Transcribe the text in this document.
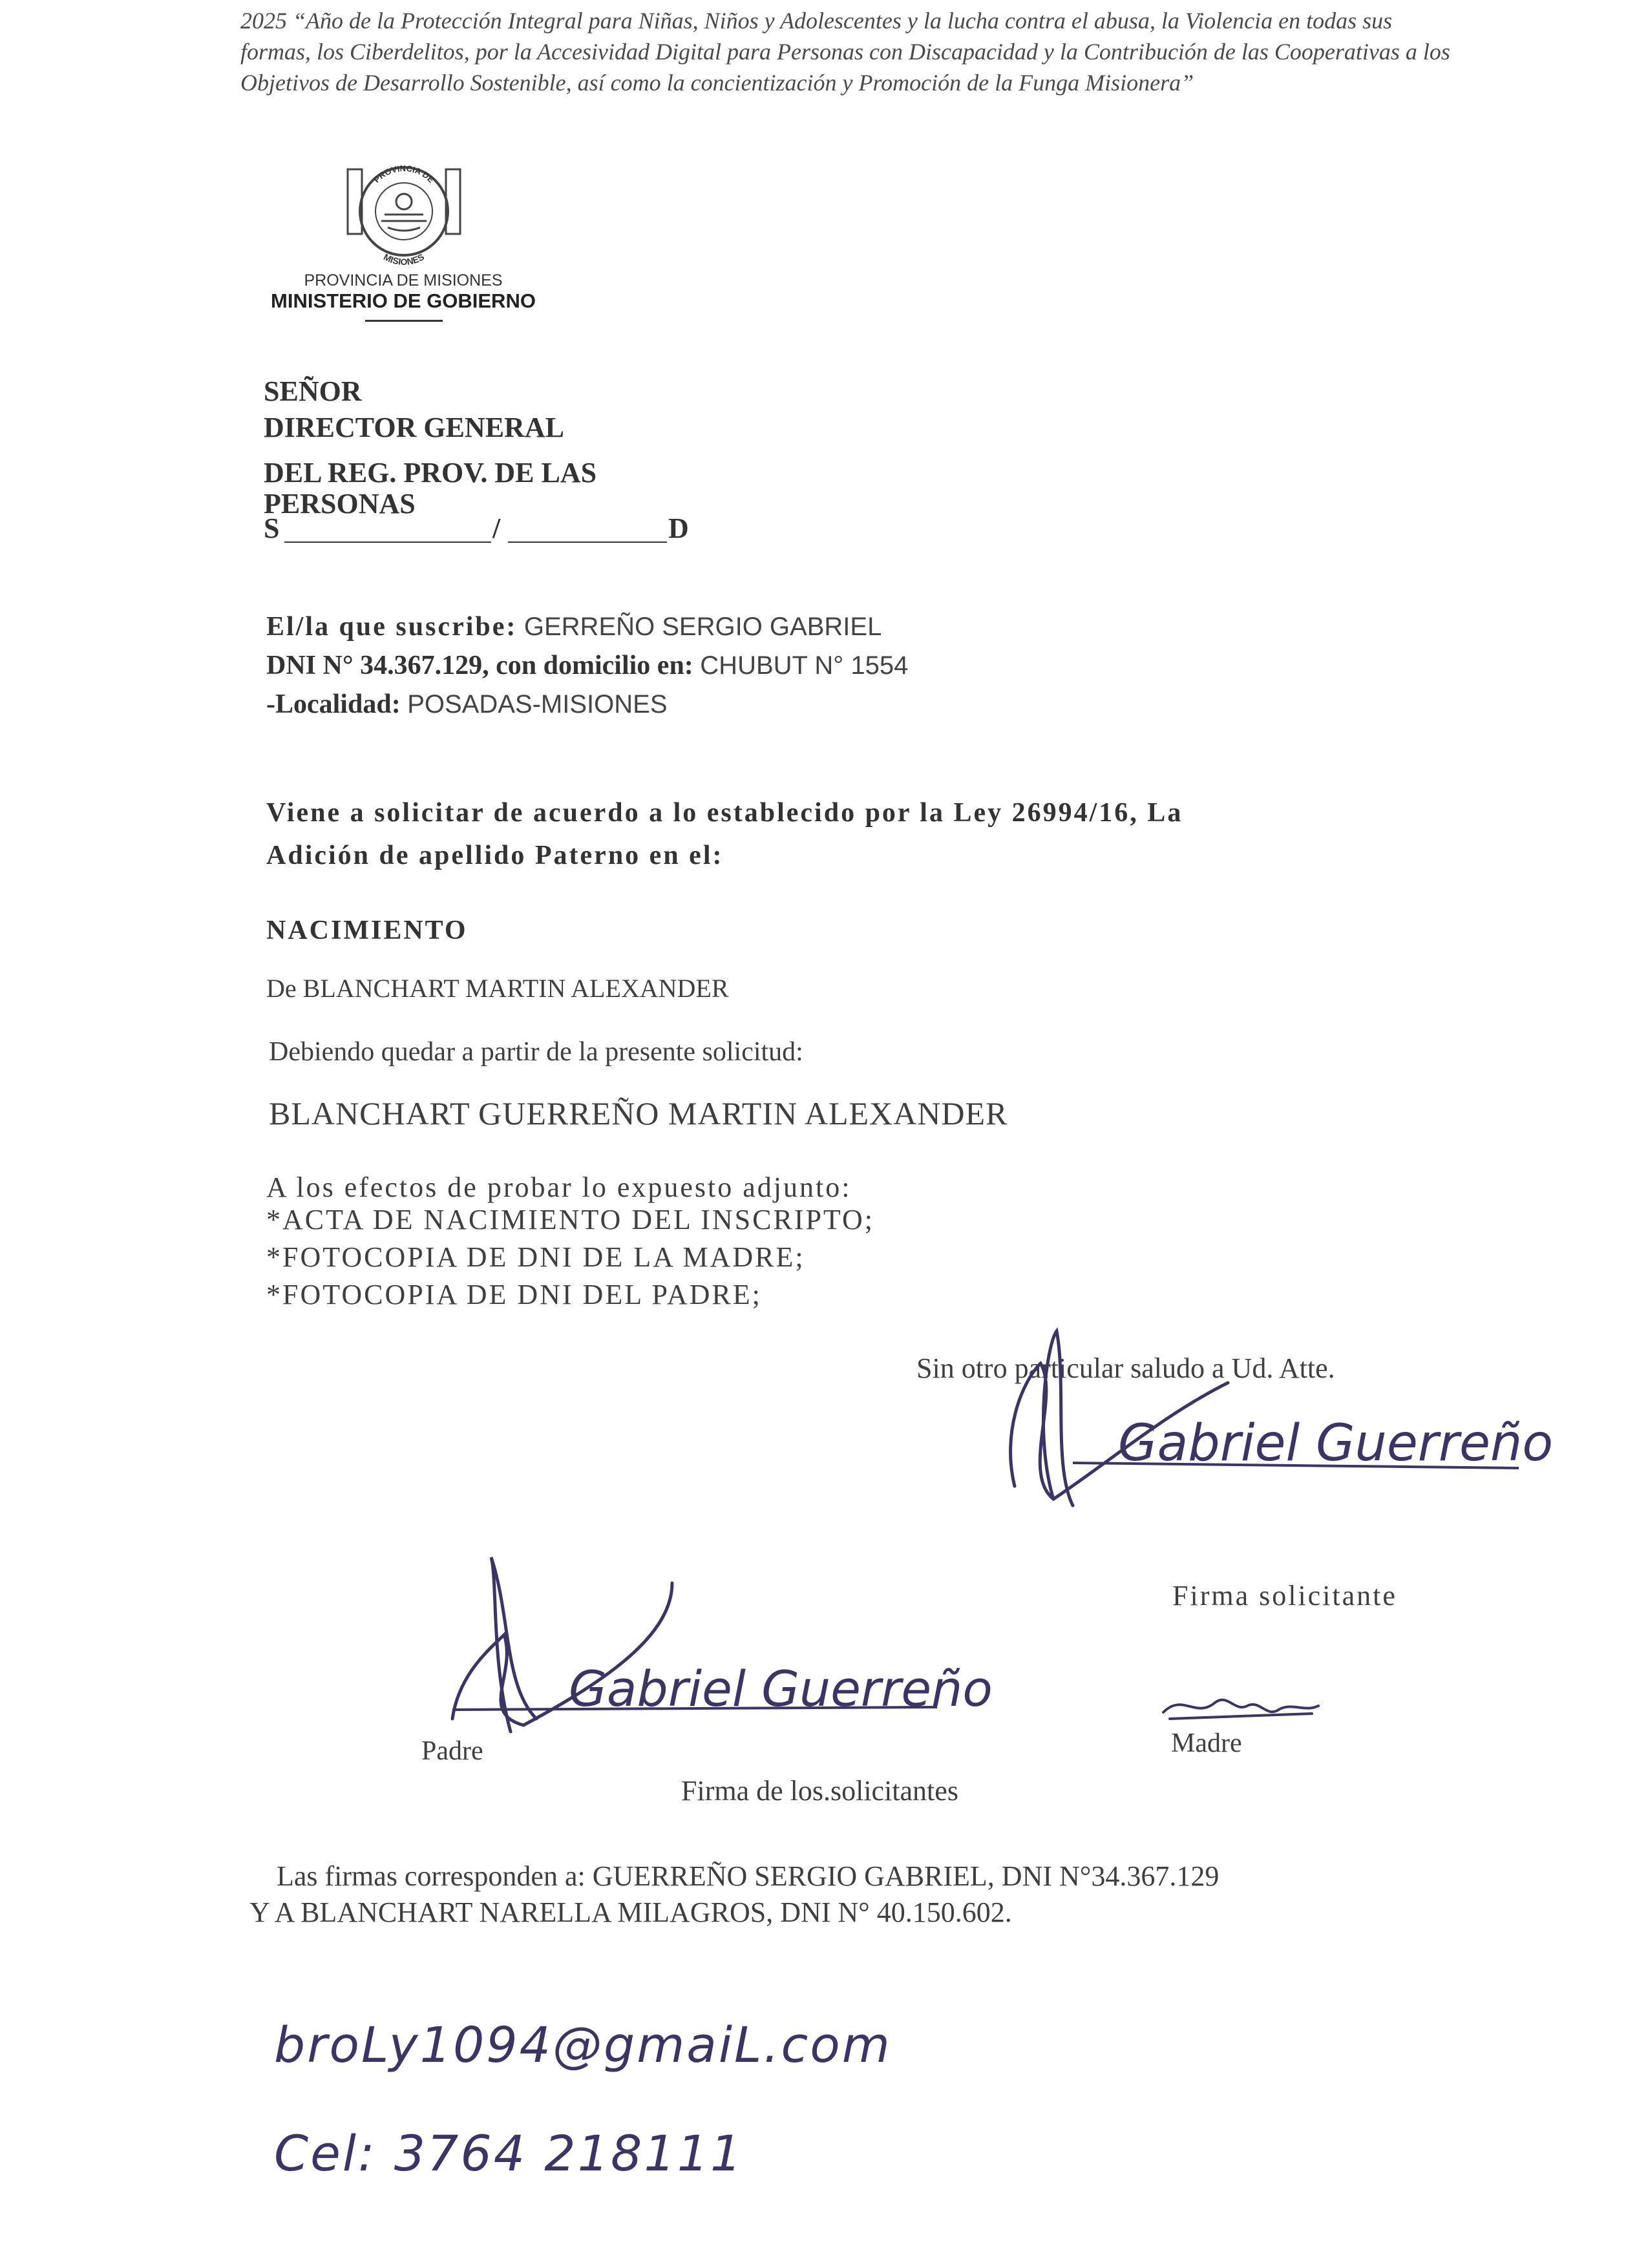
2025 “Año de la Protección Integral para Niñas, Niños y Adolescentes y la lucha contra el abusa, la Violencia en todas sus formas, los Ciberdelitos, por la Accesividad Digital para Personas con Discapacidad y la Contribución de las Cooperativas a los Objetivos de Desarrollo Sostenible, así como la concientización y Promoción de la Funga Misionera”
PROVINCIA DE
MISIONES
PROVINCIA DE MISIONES
MINISTERIO DE GOBIERNO
SEÑOR
DIRECTOR GENERAL
DEL REG. PROV. DE LAS
PERSONAS
S	/	D
El/la que suscribe: GERREÑO SERGIO GABRIEL
DNI N° 34.367.129, con domicilio en: CHUBUT N° 1554
-Localidad: POSADAS-MISIONES
Viene a solicitar de acuerdo a lo establecido por la Ley 26994/16, La
Adición de apellido Paterno en el:
NACIMIENTO
De BLANCHART MARTIN ALEXANDER
Debiendo quedar a partir de la presente solicitud:
BLANCHART GUERREÑO MARTIN ALEXANDER
A los efectos de probar lo expuesto adjunto:
*ACTA DE NACIMIENTO DEL INSCRIPTO;
*FOTOCOPIA DE DNI DE LA MADRE;
*FOTOCOPIA DE DNI DEL PADRE;
Sin otro particular saludo a Ud. Atte.
Gabriel Guerreño
Firma solicitante
Gabriel Guerreño
Padre	Madre
Firma de los.solicitantes
Las firmas corresponden a: GUERREÑO SERGIO GABRIEL, DNI N°34.367.129
Y A BLANCHART NARELLA MILAGROS, DNI N° 40.150.602.
broLy1094@gmaiL.com
Cel: 3764 218111
